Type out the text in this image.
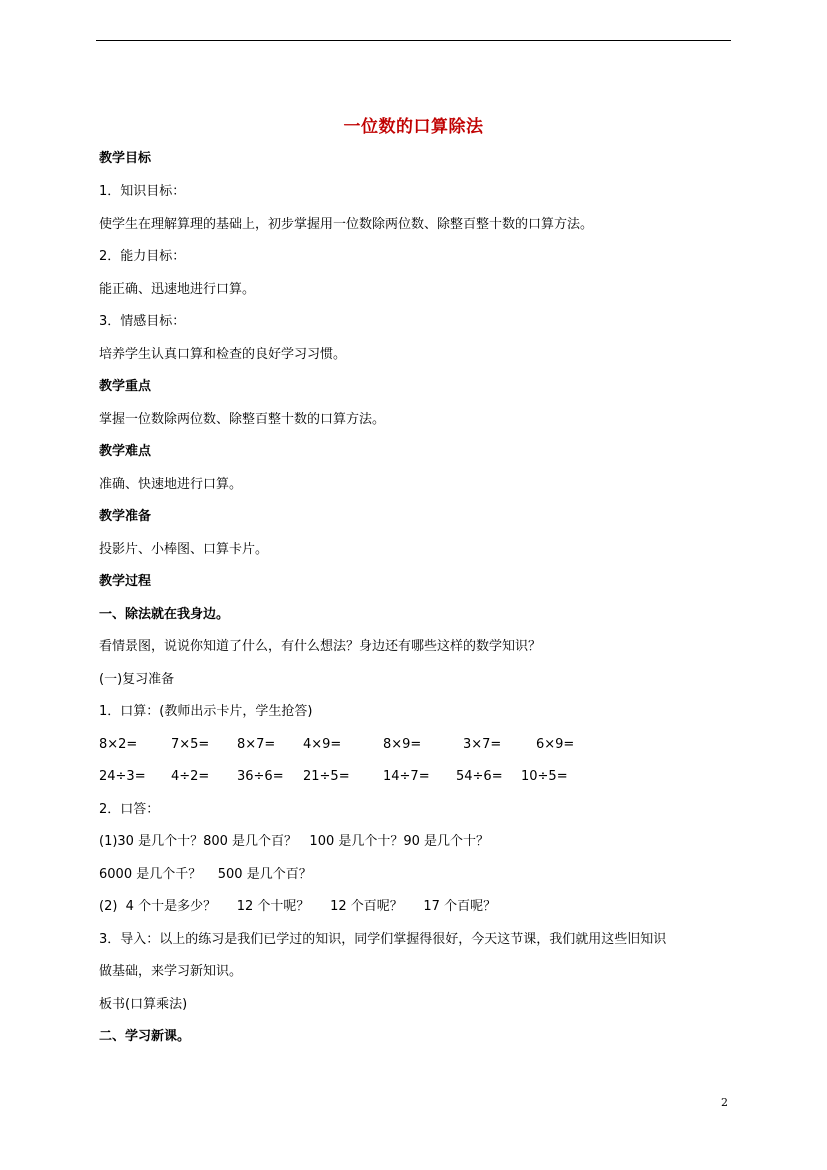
一位数的口算除法
教学目标
1．知识目标：
使学生在理解算理的基础上，初步掌握用一位数除两位数、除整百整十数的口算方法。
2．能力目标：
能正确、迅速地进行口算。
3．情感目标：
培养学生认真口算和检查的良好学习习惯。
教学重点
掌握一位数除两位数、除整百整十数的口算方法。
教学难点
准确、快速地进行口算。
教学准备
投影片、小棒图、口算卡片。
教学过程
一、除法就在我身边。
看情景图，说说你知道了什么，有什么想法？身边还有哪些这样的数学知识？
(一)复习准备
1．口算：(教师出示卡片，学生抢答)
8×2=	7×5= 8×7= 4×9=	8×9=	3×7=	6×9=
24÷3= 4÷2= 36÷6= 21÷5=	14÷7= 54÷6= 10÷5=
2．口答：
(1)30 是几个十？800 是几个百？   100 是几个十？90 是几个十？
6000 是几个千？    500 是几个百？
(2)  4 个十是多少？     12 个十呢？     12 个百呢？     17 个百呢？
3．导入：以上的练习是我们已学过的知识，同学们掌握得很好，今天这节课，我们就用这些旧知识
做基础，来学习新知识。
板书(口算乘法)
二、学习新课。
2
